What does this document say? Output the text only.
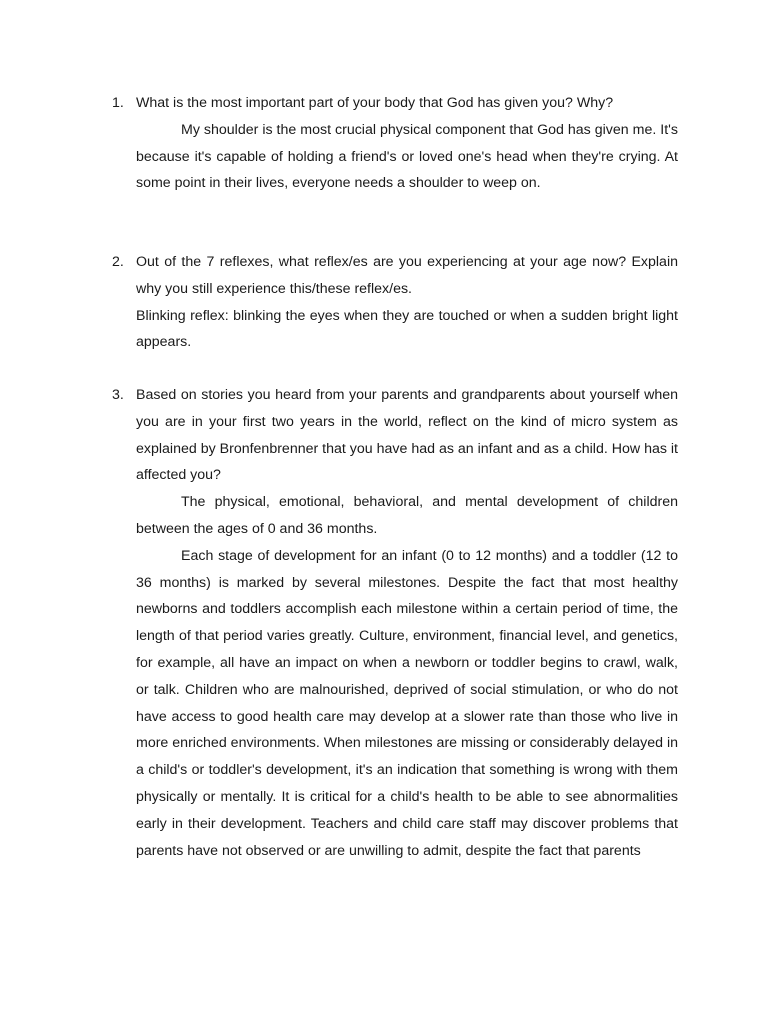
1. What is the most important part of your body that God has given you? Why?

My shoulder is the most crucial physical component that God has given me. It's because it's capable of holding a friend's or loved one's head when they're crying. At some point in their lives, everyone needs a shoulder to weep on.

2. Out of the 7 reflexes, what reflex/es are you experiencing at your age now? Explain why you still experience this/these reflex/es.

Blinking reflex: blinking the eyes when they are touched or when a sudden bright light appears.

3. Based on stories you heard from your parents and grandparents about yourself when you are in your first two years in the world, reflect on the kind of micro system as explained by Bronfenbrenner that you have had as an infant and as a child. How has it affected you?

The physical, emotional, behavioral, and mental development of children between the ages of 0 and 36 months.

Each stage of development for an infant (0 to 12 months) and a toddler (12 to 36 months) is marked by several milestones. Despite the fact that most healthy newborns and toddlers accomplish each milestone within a certain period of time, the length of that period varies greatly. Culture, environment, financial level, and genetics, for example, all have an impact on when a newborn or toddler begins to crawl, walk, or talk. Children who are malnourished, deprived of social stimulation, or who do not have access to good health care may develop at a slower rate than those who live in more enriched environments. When milestones are missing or considerably delayed in a child's or toddler's development, it's an indication that something is wrong with them physically or mentally. It is critical for a child's health to be able to see abnormalities early in their development. Teachers and child care staff may discover problems that parents have not observed or are unwilling to admit, despite the fact that parents
